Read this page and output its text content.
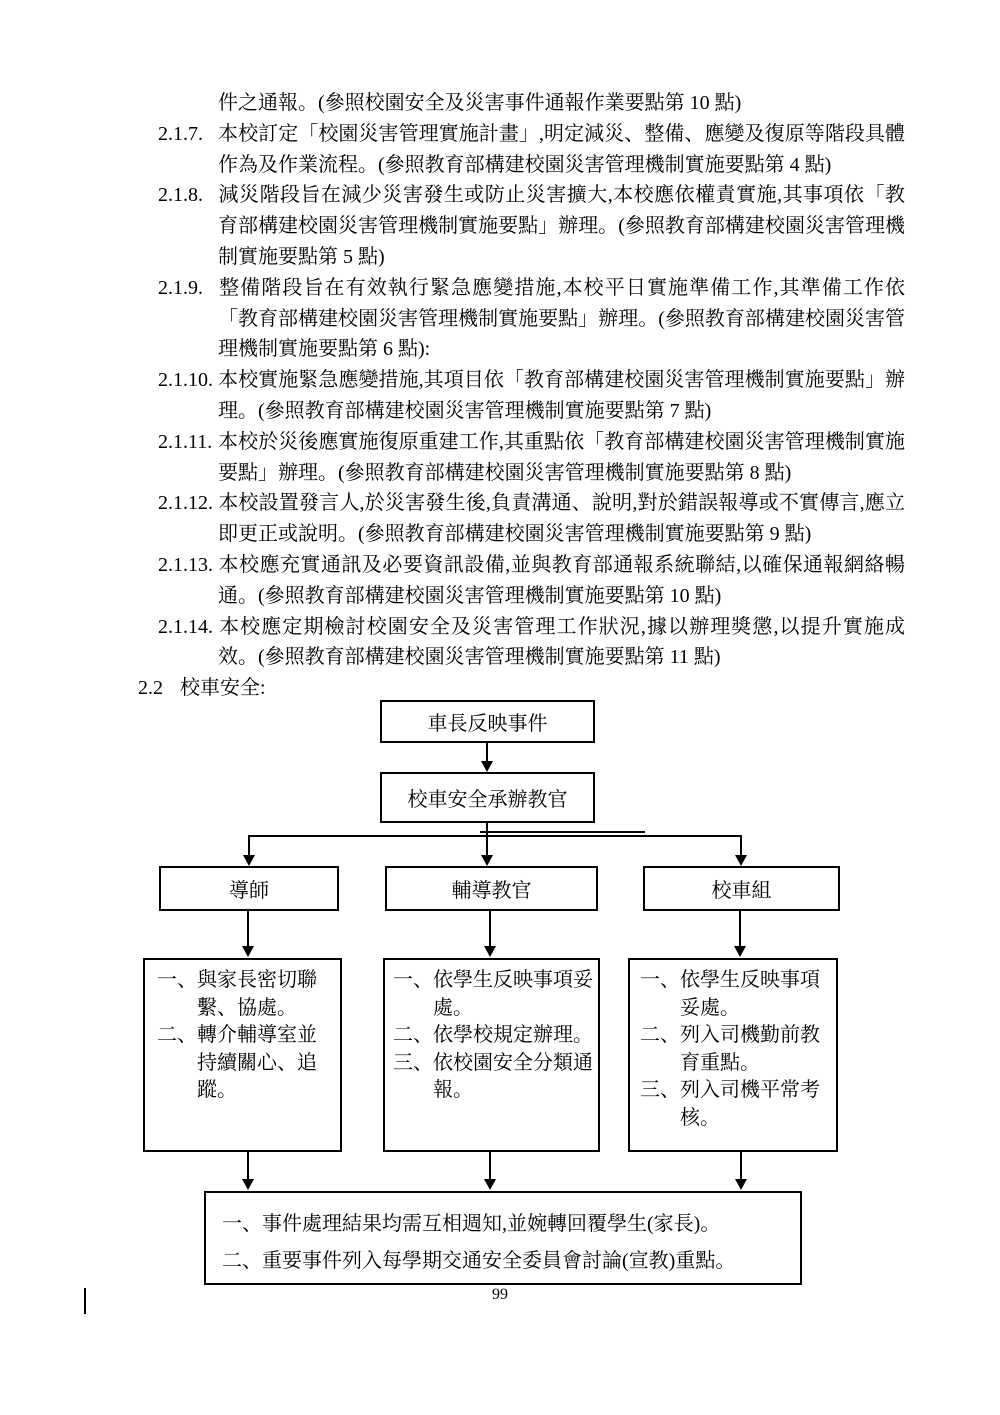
件之通報。(參照校園安全及災害事件通報作業要點第 10 點)
2.1.7. 本校訂定「校園災害管理實施計畫」,明定減災、整備、應變及復原等階段具體作為及作業流程。(參照教育部構建校園災害管理機制實施要點第 4 點)
2.1.8. 減災階段旨在減少災害發生或防止災害擴大,本校應依權責實施,其事項依「教育部構建校園災害管理機制實施要點」辦理。(參照教育部構建校園災害管理機制實施要點第 5 點)
2.1.9. 整備階段旨在有效執行緊急應變措施,本校平日實施準備工作,其準備工作依「教育部構建校園災害管理機制實施要點」辦理。(參照教育部構建校園災害管理機制實施要點第 6 點):
2.1.10. 本校實施緊急應變措施,其項目依「教育部構建校園災害管理機制實施要點」辦理。(參照教育部構建校園災害管理機制實施要點第 7 點)
2.1.11. 本校於災後應實施復原重建工作,其重點依「教育部構建校園災害管理機制實施要點」辦理。(參照教育部構建校園災害管理機制實施要點第 8 點)
2.1.12. 本校設置發言人,於災害發生後,負責溝通、說明,對於錯誤報導或不實傳言,應立即更正或說明。(參照教育部構建校園災害管理機制實施要點第 9 點)
2.1.13. 本校應充實通訊及必要資訊設備,並與教育部通報系統聯結,以確保通報網絡暢通。(參照教育部構建校園災害管理機制實施要點第 10 點)
2.1.14. 本校應定期檢討校園安全及災害管理工作狀況,據以辦理獎懲,以提升實施成效。(參照教育部構建校園災害管理機制實施要點第 11 點)
2.2 校車安全:
車長反映事件
校車安全承辦教官
導師	輔導教官	校車組
一、與家長密切聯繫、協處。
二、轉介輔導室並持續關心、追蹤。
一、依學生反映事項妥處。
二、依學校規定辦理。
三、依校園安全分類通報。
一、依學生反映事項妥處。
二、列入司機勤前教育重點。
三、列入司機平常考核。
一、事件處理結果均需互相週知,並婉轉回覆學生(家長)。
二、重要事件列入每學期交通安全委員會討論(宣教)重點。
99
